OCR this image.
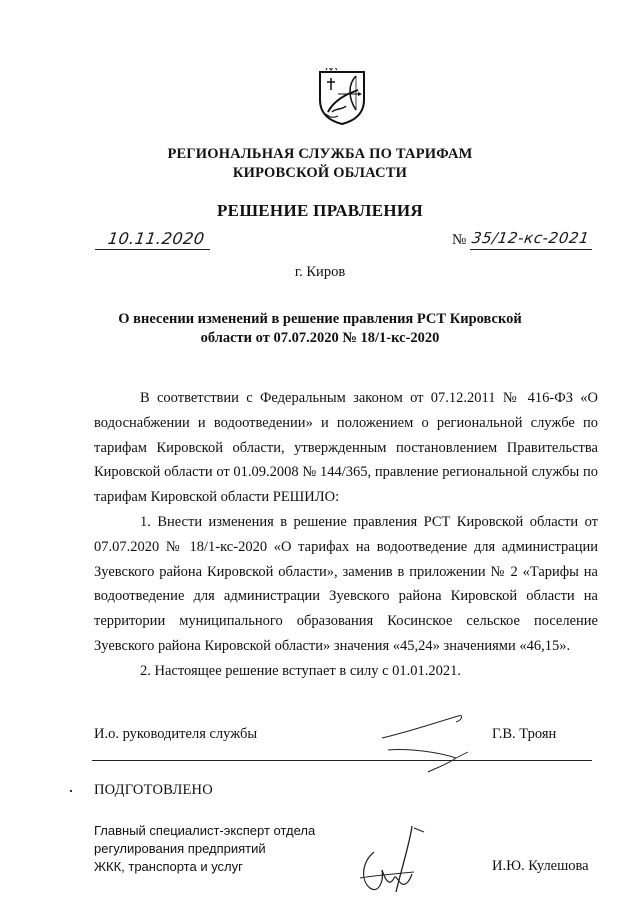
РЕГИОНАЛЬНАЯ СЛУЖБА ПО ТАРИФАМ
КИРОВСКОЙ ОБЛАСТИ
РЕШЕНИЕ ПРАВЛЕНИЯ
10.11.2020	№ 35/12-кс-2021
г. Киров
О внесении изменений в решение правления РСТ Кировской
области от 07.07.2020 № 18/1-кс-2020

В соответствии с Федеральным законом от 07.12.2011 № 416-ФЗ «О водоснабжении и водоотведении» и положением о региональной службе по тарифам Кировской области, утвержденным постановлением Правительства Кировской области от 01.09.2008 № 144/365, правление региональной службы по тарифам Кировской области РЕШИЛО:

1. Внести изменения в решение правления РСТ Кировской области от 07.07.2020 № 18/1-кс-2020 «О тарифах на водоотведение для администрации Зуевского района Кировской области», заменив в приложении № 2 «Тарифы на водоотведение для администрации Зуевского района Кировской области на территории муниципального образования Косинское сельское поселение Зуевского района Кировской области» значения «45,24» значениями «46,15».

2. Настоящее решение вступает в силу с 01.01.2021.

И.о. руководителя службы	Г.В. Троян
ПОДГОТОВЛЕНО
Главный специалист-эксперт отдела
регулирования предприятий
ЖКК, транспорта и услуг	И.Ю. Кулешова
